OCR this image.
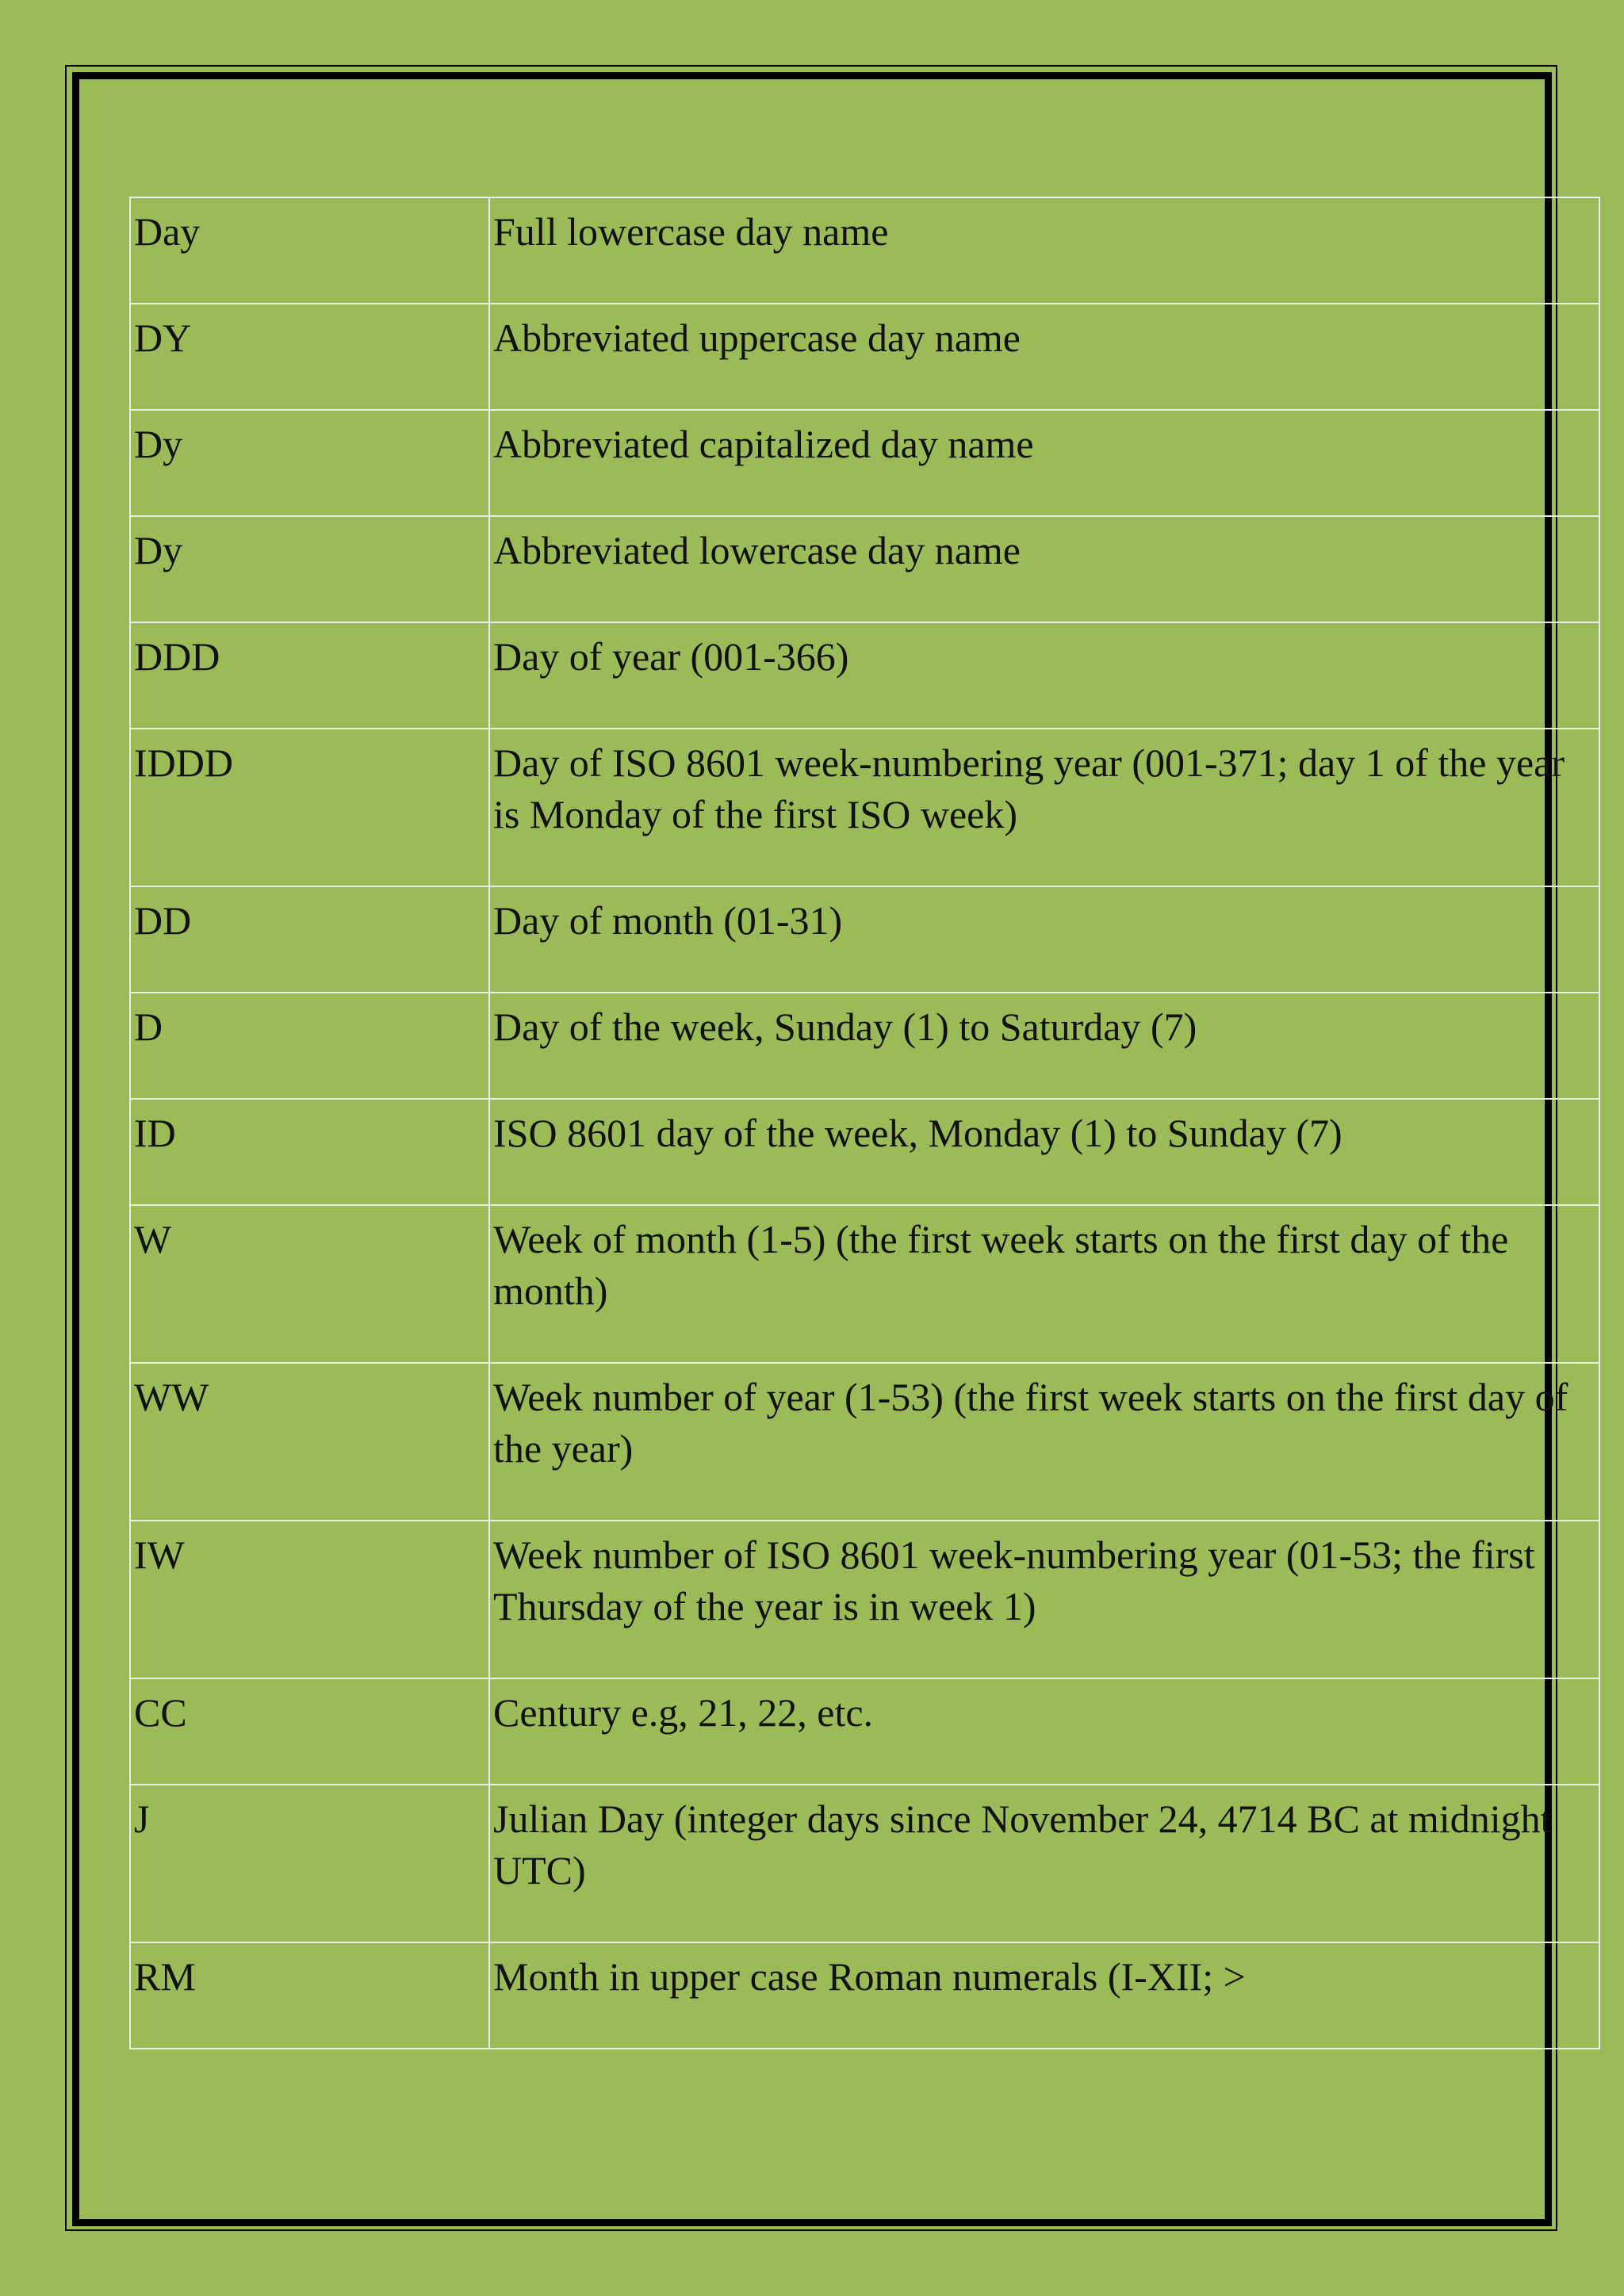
Day	Full lowercase day name
DY	Abbreviated uppercase day name
Dy	Abbreviated capitalized day name
Dy	Abbreviated lowercase day name
DDD	Day of year (001-366)
IDDD	Day of ISO 8601 week-numbering year (001-371; day 1 of the year is Monday of the first ISO week)
DD	Day of month (01-31)
D	Day of the week, Sunday (1) to Saturday (7)
ID	ISO 8601 day of the week, Monday (1) to Sunday (7)
W	Week of month (1-5) (the first week starts on the first day of the month)
WW	Week number of year (1-53) (the first week starts on the first day of the year)
IW	Week number of ISO 8601 week-numbering year (01-53; the first Thursday of the year is in week 1)
CC	Century e.g, 21, 22, etc.
J	Julian Day (integer days since November 24, 4714 BC at midnight UTC)
RM	Month in upper case Roman numerals (I-XII; >
